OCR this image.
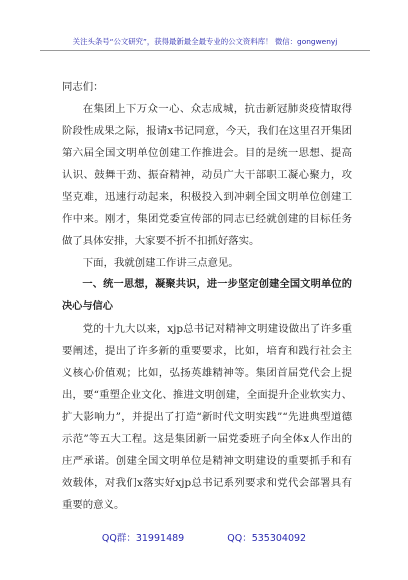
关注头条号“公文研究”，获得最新最全最专业的公文资料库！ 微信：gongwenyj

同志们：

在集团上下万众一心、众志成城，抗击新冠肺炎疫情取得阶段性成果之际，报请x书记同意，今天，我们在这里召开集团第六届全国文明单位创建工作推进会。目的是统一思想、提高认识、鼓舞干劲、振奋精神，动员广大干部职工凝心聚力，攻坚克难，迅速行动起来，积极投入到冲刺全国文明单位创建工作中来。刚才，集团党委宣传部的同志已经就创建的目标任务做了具体安排，大家要不折不扣抓好落实。

下面，我就创建工作讲三点意见。

一、统一思想，凝聚共识，进一步坚定创建全国文明单位的决心与信心

党的十九大以来，xjp总书记对精神文明建设做出了许多重要阐述，提出了许多新的重要要求，比如，培育和践行社会主义核心价值观；比如，弘扬英雄精神等。集团首届党代会上提出，要“重塑企业文化、推进文明创建，全面提升企业软实力、扩大影响力”，并提出了打造“新时代文明实践”“先进典型道德示范”等五大工程。这是集团新一届党委班子向全体x人作出的庄严承诺。创建全国文明单位是精神文明建设的重要抓手和有效载体，对我们x落实好xjp总书记系列要求和党代会部署具有重要的意义。

QQ群：31991489	QQ：535304092
